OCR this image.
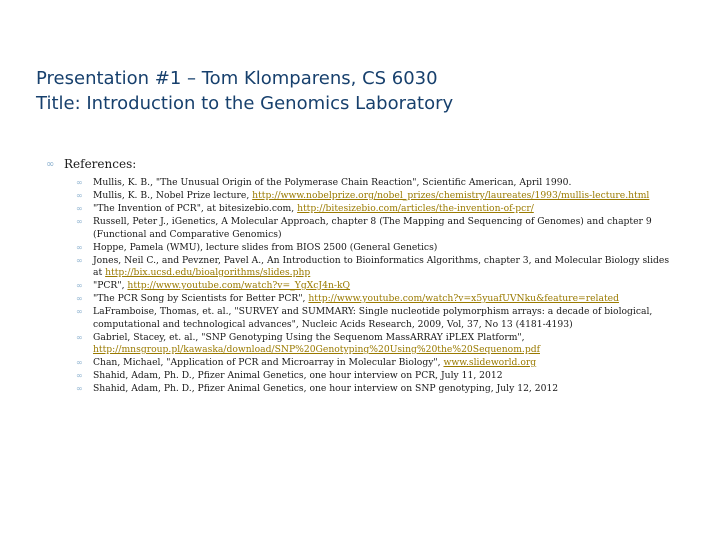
Presentation #1 – Tom Klomparens, CS 6030
Title: Introduction to the Genomics Laboratory
∞ References:
∞ Mullis, K. B., "The Unusual Origin of the Polymerase Chain Reaction", Scientific American, April 1990.
∞ Mullis, K. B., Nobel Prize lecture, http://www.nobelprize.org/nobel_prizes/chemistry/laureates/1993/mullis-lecture.html
∞ "The Invention of PCR", at bitesizebio.com, http://bitesizebio.com/articles/the-invention-of-pcr/
∞ Russell, Peter J., iGenetics, A Molecular Approach, chapter 8 (The Mapping and Sequencing of Genomes) and chapter 9 (Functional and Comparative Genomics)
∞ Hoppe, Pamela (WMU), lecture slides from BIOS 2500 (General Genetics)
∞ Jones, Neil C., and Pevzner, Pavel A., An Introduction to Bioinformatics Algorithms, chapter 3, and Molecular Biology slides at http://bix.ucsd.edu/bioalgorithms/slides.php
∞ "PCR", http://www.youtube.com/watch?v=_YgXcJ4n-kQ
∞ "The PCR Song by Scientists for Better PCR", http://www.youtube.com/watch?v=x5yuafUVNku&feature=related
∞ LaFramboise, Thomas, et. al., "SURVEY and SUMMARY: Single nucleotide polymorphism arrays: a decade of biological, computational and technological advances", Nucleic Acids Research, 2009, Vol, 37, No 13 (4181-4193)
∞ Gabriel, Stacey, et. al., "SNP Genotyping Using the Sequenom MassARRAY iPLEX Platform", http://mnsgroup.pl/kawaska/download/SNP%20Genotyping%20Using%20the%20Sequenom.pdf
∞ Chan, Michael, "Application of PCR and Microarray in Molecular Biology", www.slideworld.org
∞ Shahid, Adam, Ph. D., Pfizer Animal Genetics, one hour interview on PCR, July 11, 2012
∞ Shahid, Adam, Ph. D., Pfizer Animal Genetics, one hour interview on SNP genotyping, July 12, 2012
